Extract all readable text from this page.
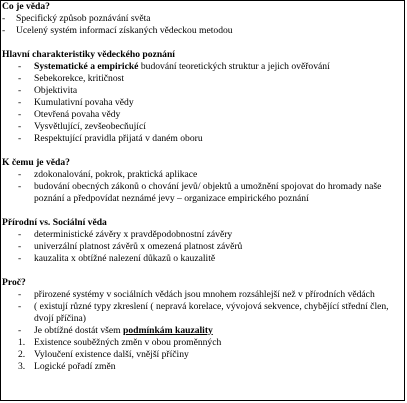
Co je věda?
-	Specifický způsob poznávání světa
-	Ucelený systém informací získaných vědeckou metodou
Hlavní charakteristiky vědeckého poznání
-	Systematické a empirické budování teoretických struktur a jejich ověřování
-	Sebekorekce, kritičnost
-	Objektivita
-	Kumulativní povaha vědy
-	Otevřená povaha vědy
-	Vysvětlující, zevšeobecňující
-	Respektující pravidla přijatá v daném oboru
K čemu je věda?
-	zdokonalování, pokrok, praktická aplikace
-	budování obecných zákonů o chování jevů/ objektů a umožnění spojovat do hromady naše poznání a předpovídat neznámé jevy – organizace empirického poznání
Přírodní vs. Sociální věda
-	deterministické závěry x pravděpodobnostní závěry
-	univerzální platnost závěrů x omezená platnost závěrů
-	kauzalita x obtížné nalezení důkazů o kauzalitě
Proč?
-	přirozené systémy v sociálních vědách jsou mnohem rozsáhlejší než v přírodních vědách
-	( existují různé typy zkreslení ( nepravá korelace, vývojová sekvence, chybějící střední člen, dvojí příčina)
-	Je obtížné dostát všem podmínkám kauzality
1. Existence souběžných změn v obou proměnných
2. Vyloučení existence další, vnější příčiny
3. Logické pořadí změn
